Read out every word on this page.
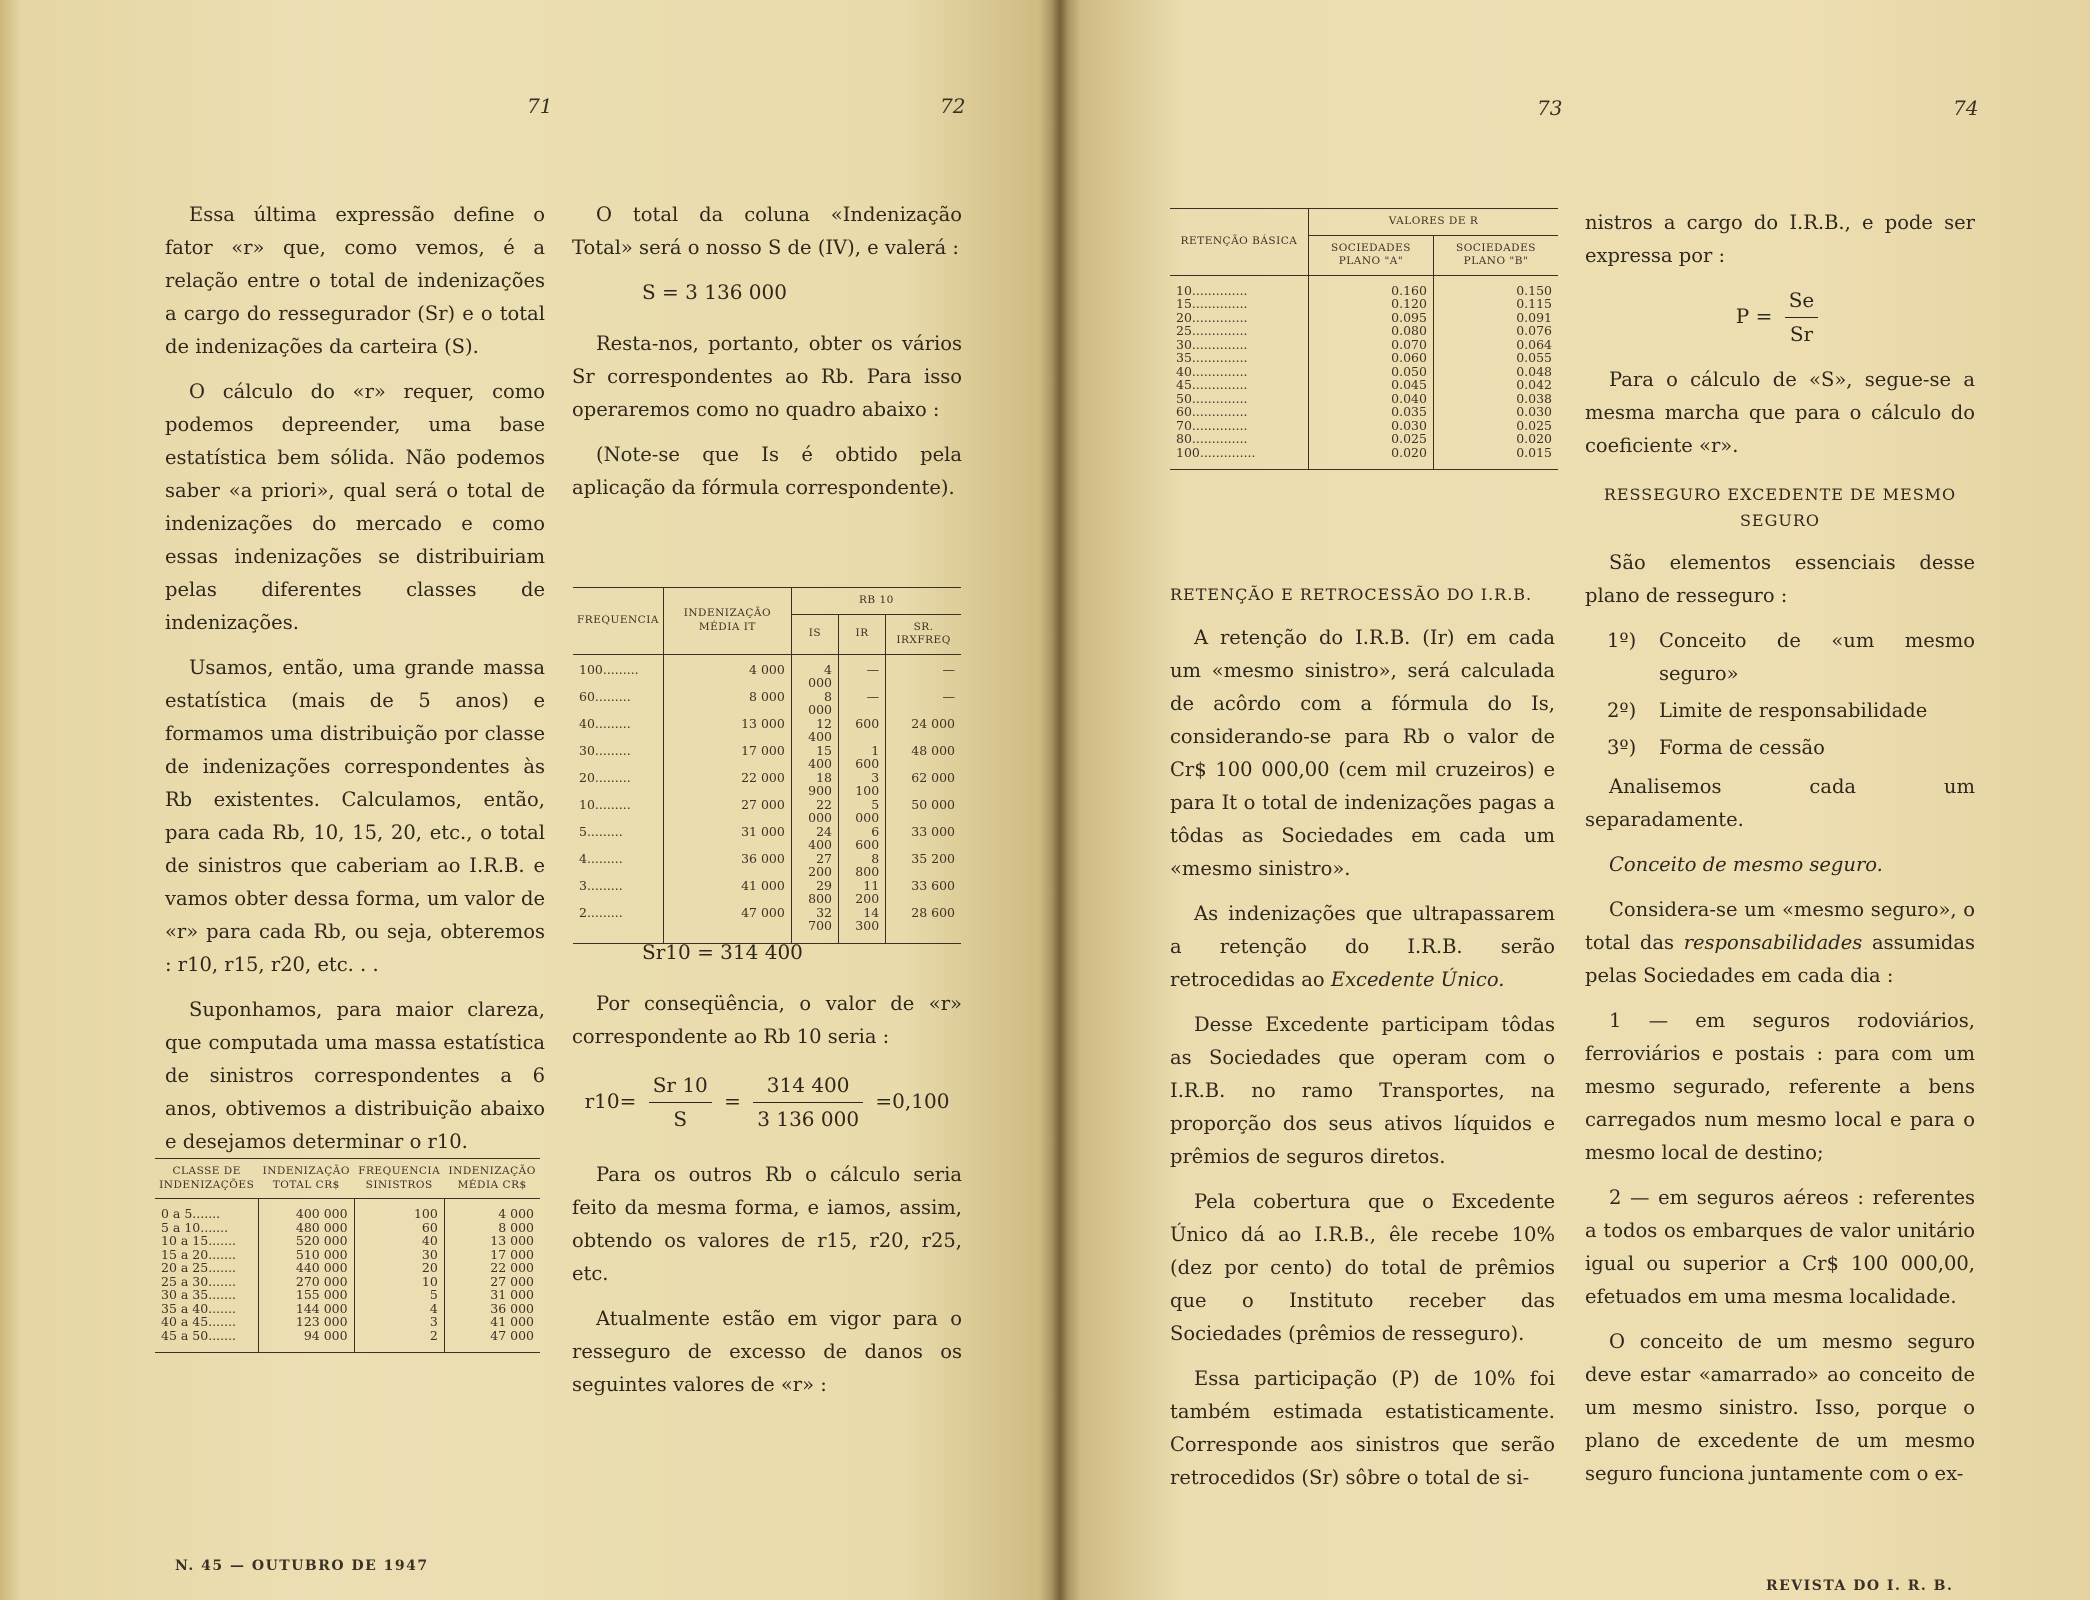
71	72	73	74

Essa última expressão define o fator «r» que, como vemos, é a relação entre o total de indenizações a cargo do ressegurador (Sr) e o total de indenizações da carteira (S).

O cálculo do «r» requer, como podemos depreender, uma base estatística bem sólida. Não podemos saber «a priori», qual será o total de indenizações do mercado e como essas indenizações se distribuiriam pelas diferentes classes de indenizações.

Usamos, então, uma grande massa estatística (mais de 5 anos) e formamos uma distribuição por classe de indenizações correspondentes às Rb existentes. Calculamos, então, para cada Rb, 10, 15, 20, etc., o total de sinistros que caberiam ao I.R.B. e vamos obter dessa forma, um valor de «r» para cada Rb, ou seja, obteremos : r10, r15, r20, etc. . .

Suponhamos, para maior clareza, que computada uma massa estatística de sinistros correspondentes a 6 anos, obtivemos a distribuição abaixo e desejamos determinar o r10.

CLASSE DE INDENIZAÇÕES	INDENIZAÇÃO TOTAL CR$	FREQUENCIA SINISTROS	INDENIZAÇÃO MÉDIA CR$
0 a 5.......	400 000	100	4 000
5 a 10.......	480 000	60	8 000
10 a 15.......	520 000	40	13 000
15 a 20.......	510 000	30	17 000
20 a 25.......	440 000	20	22 000
25 a 30.......	270 000	10	27 000
30 a 35.......	155 000	5	31 000
35 a 40.......	144 000	4	36 000
40 a 45.......	123 000	3	41 000
45 a 50.......	94 000	2	47 000
N. 45 — OUTUBRO DE 1947

O total da coluna «Indenização Total» será o nosso S de (IV), e valerá :

S = 3 136 000

Resta-nos, portanto, obter os vários Sr correspondentes ao Rb. Para isso operaremos como no quadro abaixo :

(Note-se que Is é obtido pela aplicação da fórmula correspondente).

FREQUENCIA	INDENIZAÇÃO MÉDIA IT	RB 10		
		IS	IR	SR. IRXFREQ
100.........	4 000	4 000	—	—
60.........	8 000	8 000	—	—
40.........	13 000	12 400	600	24 000
30.........	17 000	15 400	1 600	48 000
20.........	22 000	18 900	3 100	62 000
10.........	27 000	22 000	5 000	50 000
5.........	31 000	24 400	6 600	33 000
4.........	36 000	27 200	8 800	35 200
3.........	41 000	29 800	11 200	33 600
2.........	47 000	32 700	14 300	28 600
Sr10 = 314 400

Por conseqüência, o valor de «r» correspondente ao Rb 10 seria :

$r10= \frac{Sr 10}{S} = \frac{314 400}{3 136 000} =0,100$

Para os outros Rb o cálculo seria feito da mesma forma, e iamos, assim, obtendo os valores de r15, r20, r25, etc.

Atualmente estão em vigor para o resseguro de excesso de danos os seguintes valores de «r» :

RETENÇÃO BÁSICA	VALORES DE R	
	SOCIEDADES PLANO "A"	SOCIEDADES PLANO "B"
10..............	0.160	0.150
15..............	0.120	0.115
20..............	0.095	0.091
25..............	0.080	0.076
30..............	0.070	0.064
35..............	0.060	0.055
40..............	0.050	0.048
45..............	0.045	0.042
50..............	0.040	0.038
60..............	0.035	0.030
70..............	0.030	0.025
80..............	0.025	0.020
100..............	0.020	0.015
RETENÇÃO E RETROCESSÃO DO I.R.B.

A retenção do I.R.B. (Ir) em cada um «mesmo sinistro», será calculada de acôrdo com a fórmula do Is, considerando-se para Rb o valor de Cr$ 100 000,00 (cem mil cruzeiros) e para It o total de indenizações pagas a tôdas as Sociedades em cada um «mesmo sinistro».

As indenizações que ultrapassarem a retenção do I.R.B. serão retrocedidas ao Excedente Único.

Desse Excedente participam tôdas as Sociedades que operam com o I.R.B. no ramo Transportes, na proporção dos seus ativos líquidos e prêmios de seguros diretos.

Pela cobertura que o Excedente Único dá ao I.R.B., êle recebe 10% (dez por cento) do total de prêmios que o Instituto receber das Sociedades (prêmios de resseguro).

Essa participação (P) de 10% foi também estimada estatisticamente. Corresponde aos sinistros que serão retrocedidos (Sr) sôbre o total de si-

nistros a cargo do I.R.B., e pode ser expressa por :

$P = \frac{Se}{Sr}$

Para o cálculo de «S», segue-se a mesma marcha que para o cálculo do coeficiente «r».

RESSEGURO EXCEDENTE DE MESMO SEGURO

São elementos essenciais desse plano de resseguro :

1º) Conceito de «um mesmo seguro»
2º) Limite de responsabilidade
3º) Forma de cessão

Analisemos cada um separadamente.

Conceito de mesmo seguro.

Considera-se um «mesmo seguro», o total das responsabilidades assumidas pelas Sociedades em cada dia :

1 — em seguros rodoviários, ferroviários e postais : para com um mesmo segurado, referente a bens carregados num mesmo local e para o mesmo local de destino;

2 — em seguros aéreos : referentes a todos os embarques de valor unitário igual ou superior a Cr$ 100 000,00, efetuados em uma mesma localidade.

O conceito de um mesmo seguro deve estar «amarrado» ao conceito de um mesmo sinistro. Isso, porque o plano de excedente de um mesmo seguro funciona juntamente com o ex-

REVISTA DO I. R. B.
